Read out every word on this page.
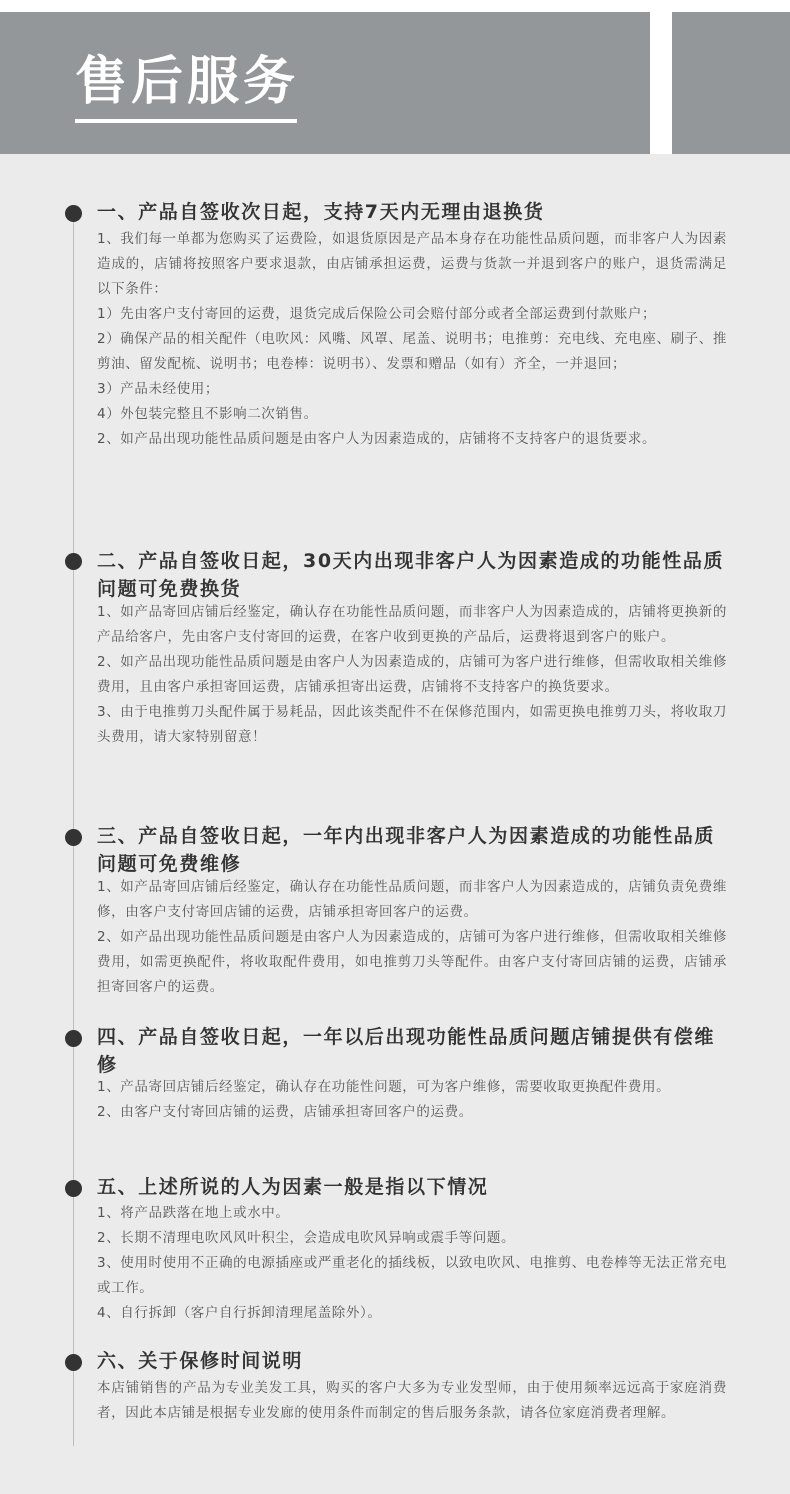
售后服务
一、产品自签收次日起，支持7天内无理由退换货

1、我们每一单都为您购买了运费险，如退货原因是产品本身存在功能性品质问题，而非客户人为因素造成的，店铺将按照客户要求退款，由店铺承担运费，运费与货款一并退到客户的账户，退货需满足以下条件：

1）先由客户支付寄回的运费，退货完成后保险公司会赔付部分或者全部运费到付款账户；

2）确保产品的相关配件（电吹风：风嘴、风罩、尾盖、说明书；电推剪：充电线、充电座、刷子、推剪油、留发配梳、说明书；电卷棒：说明书）、发票和赠品（如有）齐全，一并退回；

3）产品未经使用；

4）外包装完整且不影响二次销售。

2、如产品出现功能性品质问题是由客户人为因素造成的，店铺将不支持客户的退货要求。

二、产品自签收日起，30天内出现非客户人为因素造成的功能性品质问题可免费换货

1、如产品寄回店铺后经鉴定，确认存在功能性品质问题，而非客户人为因素造成的，店铺将更换新的产品给客户，先由客户支付寄回的运费，在客户收到更换的产品后，运费将退到客户的账户。

2、如产品出现功能性品质问题是由客户人为因素造成的，店铺可为客户进行维修，但需收取相关维修费用，且由客户承担寄回运费，店铺承担寄出运费，店铺将不支持客户的换货要求。

3、由于电推剪刀头配件属于易耗品，因此该类配件不在保修范围内，如需更换电推剪刀头，将收取刀头费用，请大家特别留意！

三、产品自签收日起，一年内出现非客户人为因素造成的功能性品质问题可免费维修

1、如产品寄回店铺后经鉴定，确认存在功能性品质问题，而非客户人为因素造成的，店铺负责免费维修，由客户支付寄回店铺的运费，店铺承担寄回客户的运费。

2、如产品出现功能性品质问题是由客户人为因素造成的，店铺可为客户进行维修，但需收取相关维修费用，如需更换配件，将收取配件费用，如电推剪刀头等配件。由客户支付寄回店铺的运费，店铺承担寄回客户的运费。

四、产品自签收日起，一年以后出现功能性品质问题店铺提供有偿维修

1、产品寄回店铺后经鉴定，确认存在功能性问题，可为客户维修，需要收取更换配件费用。

2、由客户支付寄回店铺的运费，店铺承担寄回客户的运费。

五、上述所说的人为因素一般是指以下情况

1、将产品跌落在地上或水中。

2、长期不清理电吹风风叶积尘，会造成电吹风异响或震手等问题。

3、使用时使用不正确的电源插座或严重老化的插线板，以致电吹风、电推剪、电卷棒等无法正常充电或工作。

4、自行拆卸（客户自行拆卸清理尾盖除外）。

六、关于保修时间说明

本店铺销售的产品为专业美发工具，购买的客户大多为专业发型师，由于使用频率远远高于家庭消费者，因此本店铺是根据专业发廊的使用条件而制定的售后服务条款，请各位家庭消费者理解。
